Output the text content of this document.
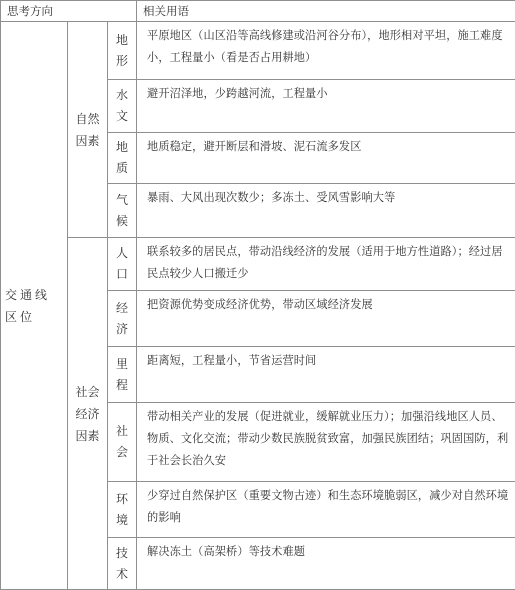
思考方向			相关用语
交通线区位	自然因素	地形	平原地区（山区沿等高线修建或沿河谷分布），地形相对平坦，施工难度小，工程量小（看是否占用耕地）

		水文	避开沼泽地，少跨越河流，工程量小

		地质	地质稳定，避开断层和滑坡、泥石流多发区

		气候	暴雨、大风出现次数少；多冻土、受风雪影响大等

	社会经济因素	人口	联系较多的居民点，带动沿线经济的发展（适用于地方性道路）；经过居民点较少人口搬迁少

		经济	把资源优势变成经济优势，带动区域经济发展

		里程	距离短，工程量小，节省运营时间

		社会	带动相关产业的发展（促进就业，缓解就业压力）；加强沿线地区人员、物质、文化交流；带动少数民族脱贫致富，加强民族团结；巩固国防，利于社会长治久安

		环境	少穿过自然保护区（重要文物古迹）和生态环境脆弱区，减少对自然环境的影响

		技术	解决冻土（高架桥）等技术难题
